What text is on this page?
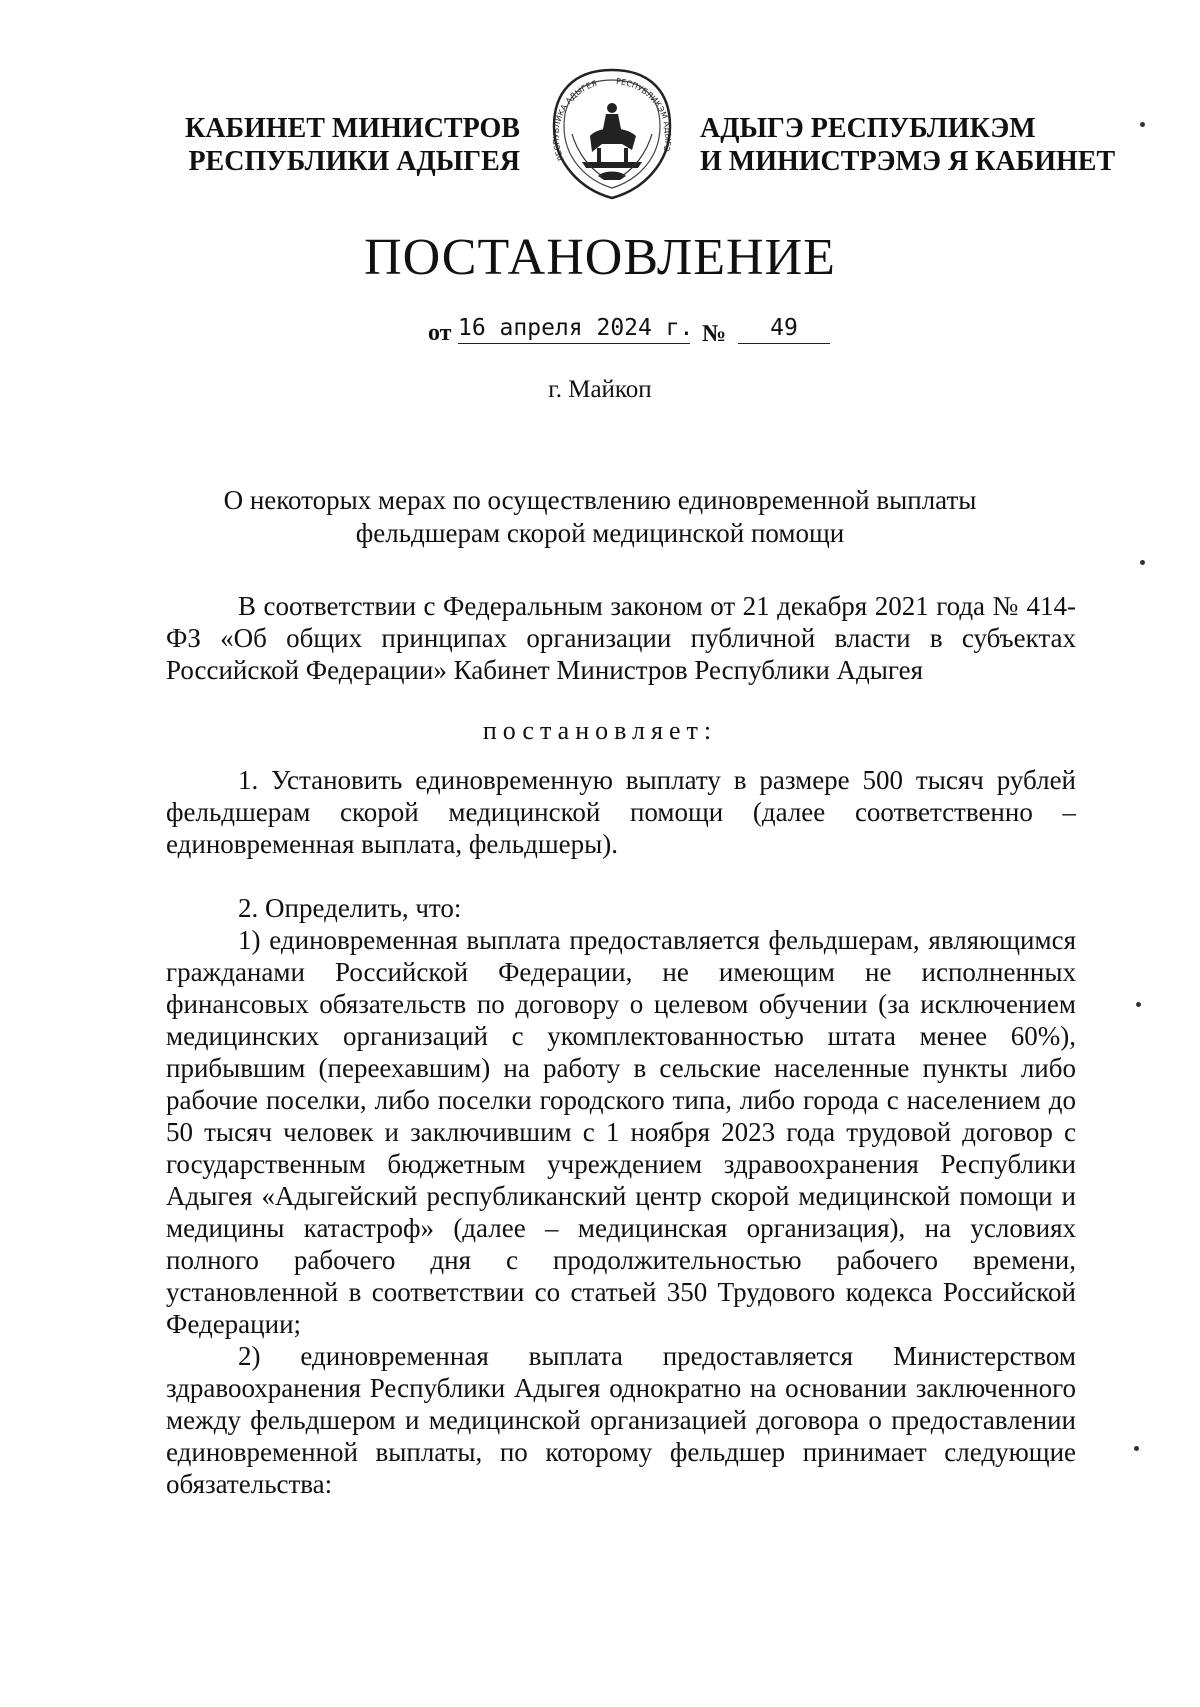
КАБИНЕТ МИНИСТРОВ
РЕСПУБЛИКИ АДЫГЕЯ	РЕСПУБЛИКА АДЫГЕЯ РЕСПУБЛИКЭМ АДЫГЭ
АДЫГЭ РЕСПУБЛИКЭМ
И МИНИСТРЭМЭ Я КАБИНЕТ
ПОСТАНОВЛЕНИЕ
от 16 апреля 2024 г. №	49
г. Майкоп
О некоторых мерах по осуществлению единовременной выплаты фельдшерам скорой медицинской помощи

В соответствии с Федеральным законом от 21 декабря 2021 года № 414-ФЗ «Об общих принципах организации публичной власти в субъектах Российской Федерации» Кабинет Министров Республики Адыгея

постановляет:

1. Установить единовременную выплату в размере 500 тысяч рублей фельдшерам скорой медицинской помощи (далее соответственно – единовременная выплата, фельдшеры).

2. Определить, что:

1) единовременная выплата предоставляется фельдшерам, являющимся гражданами Российской Федерации, не имеющим не исполненных финансовых обязательств по договору о целевом обучении (за исключением медицинских организаций с укомплектованностью штата менее 60%), прибывшим (переехавшим) на работу в сельские населенные пункты либо рабочие поселки, либо поселки городского типа, либо города с населением до 50 тысяч человек и заключившим с 1 ноября 2023 года трудовой договор с государственным бюджетным учреждением здравоохранения Республики Адыгея «Адыгейский республиканский центр скорой медицинской помощи и медицины катастроф» (далее – медицинская организация), на условиях полного рабочего дня с продолжительностью рабочего времени, установленной в соответствии со статьей 350 Трудового кодекса Российской Федерации;

2) единовременная выплата предоставляется Министерством здравоохранения Республики Адыгея однократно на основании заключенного между фельдшером и медицинской организацией договора о предоставлении единовременной выплаты, по которому фельдшер принимает следующие обязательства:
